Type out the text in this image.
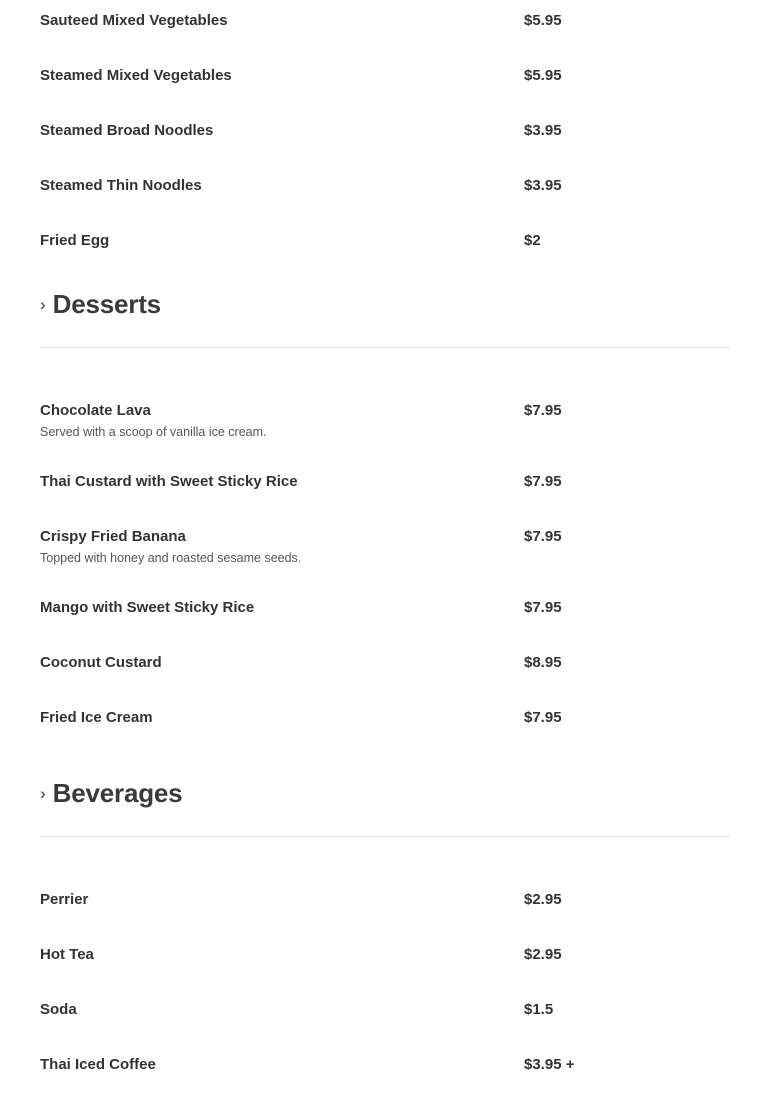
Sauteed Mixed Vegetables	$5.95
Steamed Mixed Vegetables	$5.95
Steamed Broad Noodles	$3.95
Steamed Thin Noodles	$3.95
Fried Egg	$2
› Desserts
Chocolate Lava	$7.95
Served with a scoop of vanilla ice cream.
Thai Custard with Sweet Sticky Rice	$7.95
Crispy Fried Banana	$7.95
Topped with honey and roasted sesame seeds.
Mango with Sweet Sticky Rice	$7.95
Coconut Custard	$8.95
Fried Ice Cream	$7.95
› Beverages
Perrier	$2.95
Hot Tea	$2.95
Soda	$1.5
Thai Iced Coffee	$3.95 +
